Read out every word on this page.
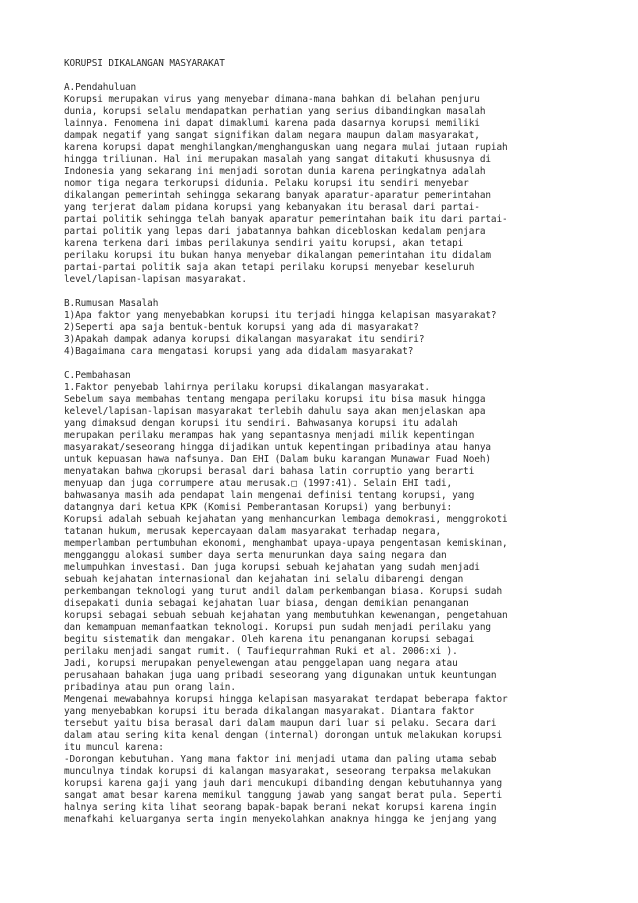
KORUPSI DIKALANGAN MASYARAKAT
A.Pendahuluan
Korupsi merupakan virus yang menyebar dimana-mana bahkan di belahan penjuru
dunia, korupsi selalu mendapatkan perhatian yang serius dibandingkan masalah
lainnya. Fenomena ini dapat dimaklumi karena pada dasarnya korupsi memiliki
dampak negatif yang sangat signifikan dalam negara maupun dalam masyarakat,
karena korupsi dapat menghilangkan/menghanguskan uang negara mulai jutaan rupiah
hingga triliunan. Hal ini merupakan masalah yang sangat ditakuti khususnya di
Indonesia yang sekarang ini menjadi sorotan dunia karena peringkatnya adalah
nomor tiga negara terkorupsi didunia. Pelaku korupsi itu sendiri menyebar
dikalangan pemerintah sehingga sekarang banyak aparatur-aparatur pemerintahan
yang terjerat dalam pidana korupsi yang kebanyakan itu berasal dari partai-
partai politik sehingga telah banyak aparatur pemerintahan baik itu dari partai-
partai politik yang lepas dari jabatannya bahkan dicebloskan kedalam penjara
karena terkena dari imbas perilakunya sendiri yaitu korupsi, akan tetapi
perilaku korupsi itu bukan hanya menyebar dikalangan pemerintahan itu didalam
partai-partai politik saja akan tetapi perilaku korupsi menyebar keseluruh
level/lapisan-lapisan masyarakat.
B.Rumusan Masalah
1)Apa faktor yang menyebabkan korupsi itu terjadi hingga kelapisan masyarakat?
2)Seperti apa saja bentuk-bentuk korupsi yang ada di masyarakat?
3)Apakah dampak adanya korupsi dikalangan masyarakat itu sendiri?
4)Bagaimana cara mengatasi korupsi yang ada didalam masyarakat?
C.Pembahasan
1.Faktor penyebab lahirnya perilaku korupsi dikalangan masyarakat.
Sebelum saya membahas tentang mengapa perilaku korupsi itu bisa masuk hingga
kelevel/lapisan-lapisan masyarakat terlebih dahulu saya akan menjelaskan apa
yang dimaksud dengan korupsi itu sendiri. Bahwasanya korupsi itu adalah
merupakan perilaku merampas hak yang sepantasnya menjadi milik kepentingan
masyarakat/seseorang hingga dijadikan untuk kepentingan pribadinya atau hanya
untuk kepuasan hawa nafsunya. Dan EHI (Dalam buku karangan Munawar Fuad Noeh)
menyatakan bahwa □korupsi berasal dari bahasa latin corruptio yang berarti
menyuap dan juga corrumpere atau merusak.□ (1997:41). Selain EHI tadi,
bahwasanya masih ada pendapat lain mengenai definisi tentang korupsi, yang
datangnya dari ketua KPK (Komisi Pemberantasan Korupsi) yang berbunyi:
Korupsi adalah sebuah kejahatan yang menhancurkan lembaga demokrasi, menggrokoti
tatanan hukum, merusak kepercayaan dalam masyarakat terhadap negara,
memperlamban pertumbuhan ekonomi, menghambat upaya-upaya pengentasan kemiskinan,
mengganggu alokasi sumber daya serta menurunkan daya saing negara dan
melumpuhkan investasi. Dan juga korupsi sebuah kejahatan yang sudah menjadi
sebuah kejahatan internasional dan kejahatan ini selalu dibarengi dengan
perkembangan teknologi yang turut andil dalam perkembangan biasa. Korupsi sudah
disepakati dunia sebagai kejahatan luar biasa, dengan demikian penanganan
korupsi sebagai sebuah sebuah kejahatan yang membutuhkan kewenangan, pengetahuan
dan kemampuan memanfaatkan teknologi. Korupsi pun sudah menjadi perilaku yang
begitu sistematik dan mengakar. Oleh karena itu penanganan korupsi sebagai
perilaku menjadi sangat rumit. ( Taufiequrrahman Ruki et al. 2006:xi ).
Jadi, korupsi merupakan penyelewengan atau penggelapan uang negara atau
perusahaan bahakan juga uang pribadi seseorang yang digunakan untuk keuntungan
pribadinya atau pun orang lain.
Mengenai mewabahnya korupsi hingga kelapisan masyarakat terdapat beberapa faktor
yang menyebabkan korupsi itu berada dikalangan masyarakat. Diantara faktor
tersebut yaitu bisa berasal dari dalam maupun dari luar si pelaku. Secara dari
dalam atau sering kita kenal dengan (internal) dorongan untuk melakukan korupsi
itu muncul karena:
-Dorongan kebutuhan. Yang mana faktor ini menjadi utama dan paling utama sebab
munculnya tindak korupsi di kalangan masyarakat, seseorang terpaksa melakukan
korupsi karena gaji yang jauh dari mencukupi dibanding dengan kebutuhannya yang
sangat amat besar karena memikul tanggung jawab yang sangat berat pula. Seperti
halnya sering kita lihat seorang bapak-bapak berani nekat korupsi karena ingin
menafkahi keluarganya serta ingin menyekolahkan anaknya hingga ke jenjang yang
